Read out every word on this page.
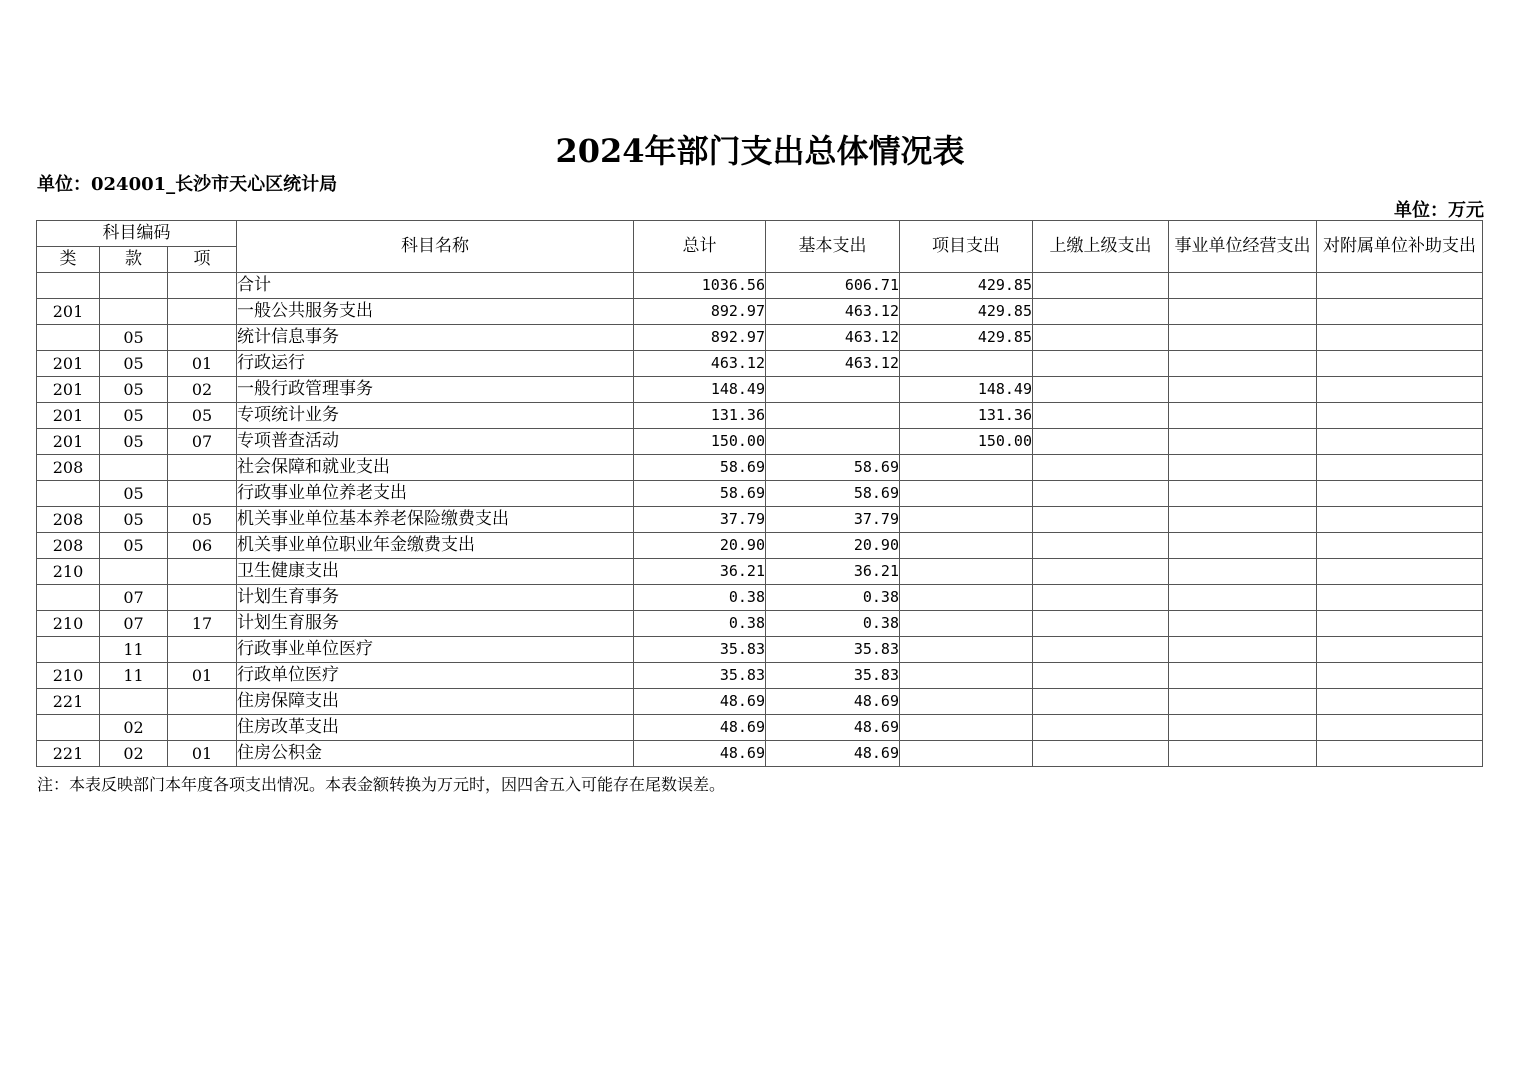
2024年部门支出总体情况表
单位：024001_长沙市天心区统计局
单位：万元
科目编码			科目名称	总计	基本支出	项目支出	上缴上级支出	事业单位经营支出	对附属单位补助支出
类	款	项							
			合计	1036.56	606.71	429.85			
201			一般公共服务支出	892.97	463.12	429.85			
	05		统计信息事务	892.97	463.12	429.85			
201	05	01	行政运行	463.12	463.12				
201	05	02	一般行政管理事务	148.49		148.49			
201	05	05	专项统计业务	131.36		131.36			
201	05	07	专项普查活动	150.00		150.00			
208			社会保障和就业支出	58.69	58.69				
	05		行政事业单位养老支出	58.69	58.69				
208	05	05	机关事业单位基本养老保险缴费支出	37.79	37.79				
208	05	06	机关事业单位职业年金缴费支出	20.90	20.90				
210			卫生健康支出	36.21	36.21				
	07		计划生育事务	0.38	0.38				
210	07	17	计划生育服务	0.38	0.38				
	11		行政事业单位医疗	35.83	35.83				
210	11	01	行政单位医疗	35.83	35.83				
221			住房保障支出	48.69	48.69				
	02		住房改革支出	48.69	48.69				
221	02	01	住房公积金	48.69	48.69				
注：本表反映部门本年度各项支出情况。本表金额转换为万元时，因四舍五入可能存在尾数误差。
